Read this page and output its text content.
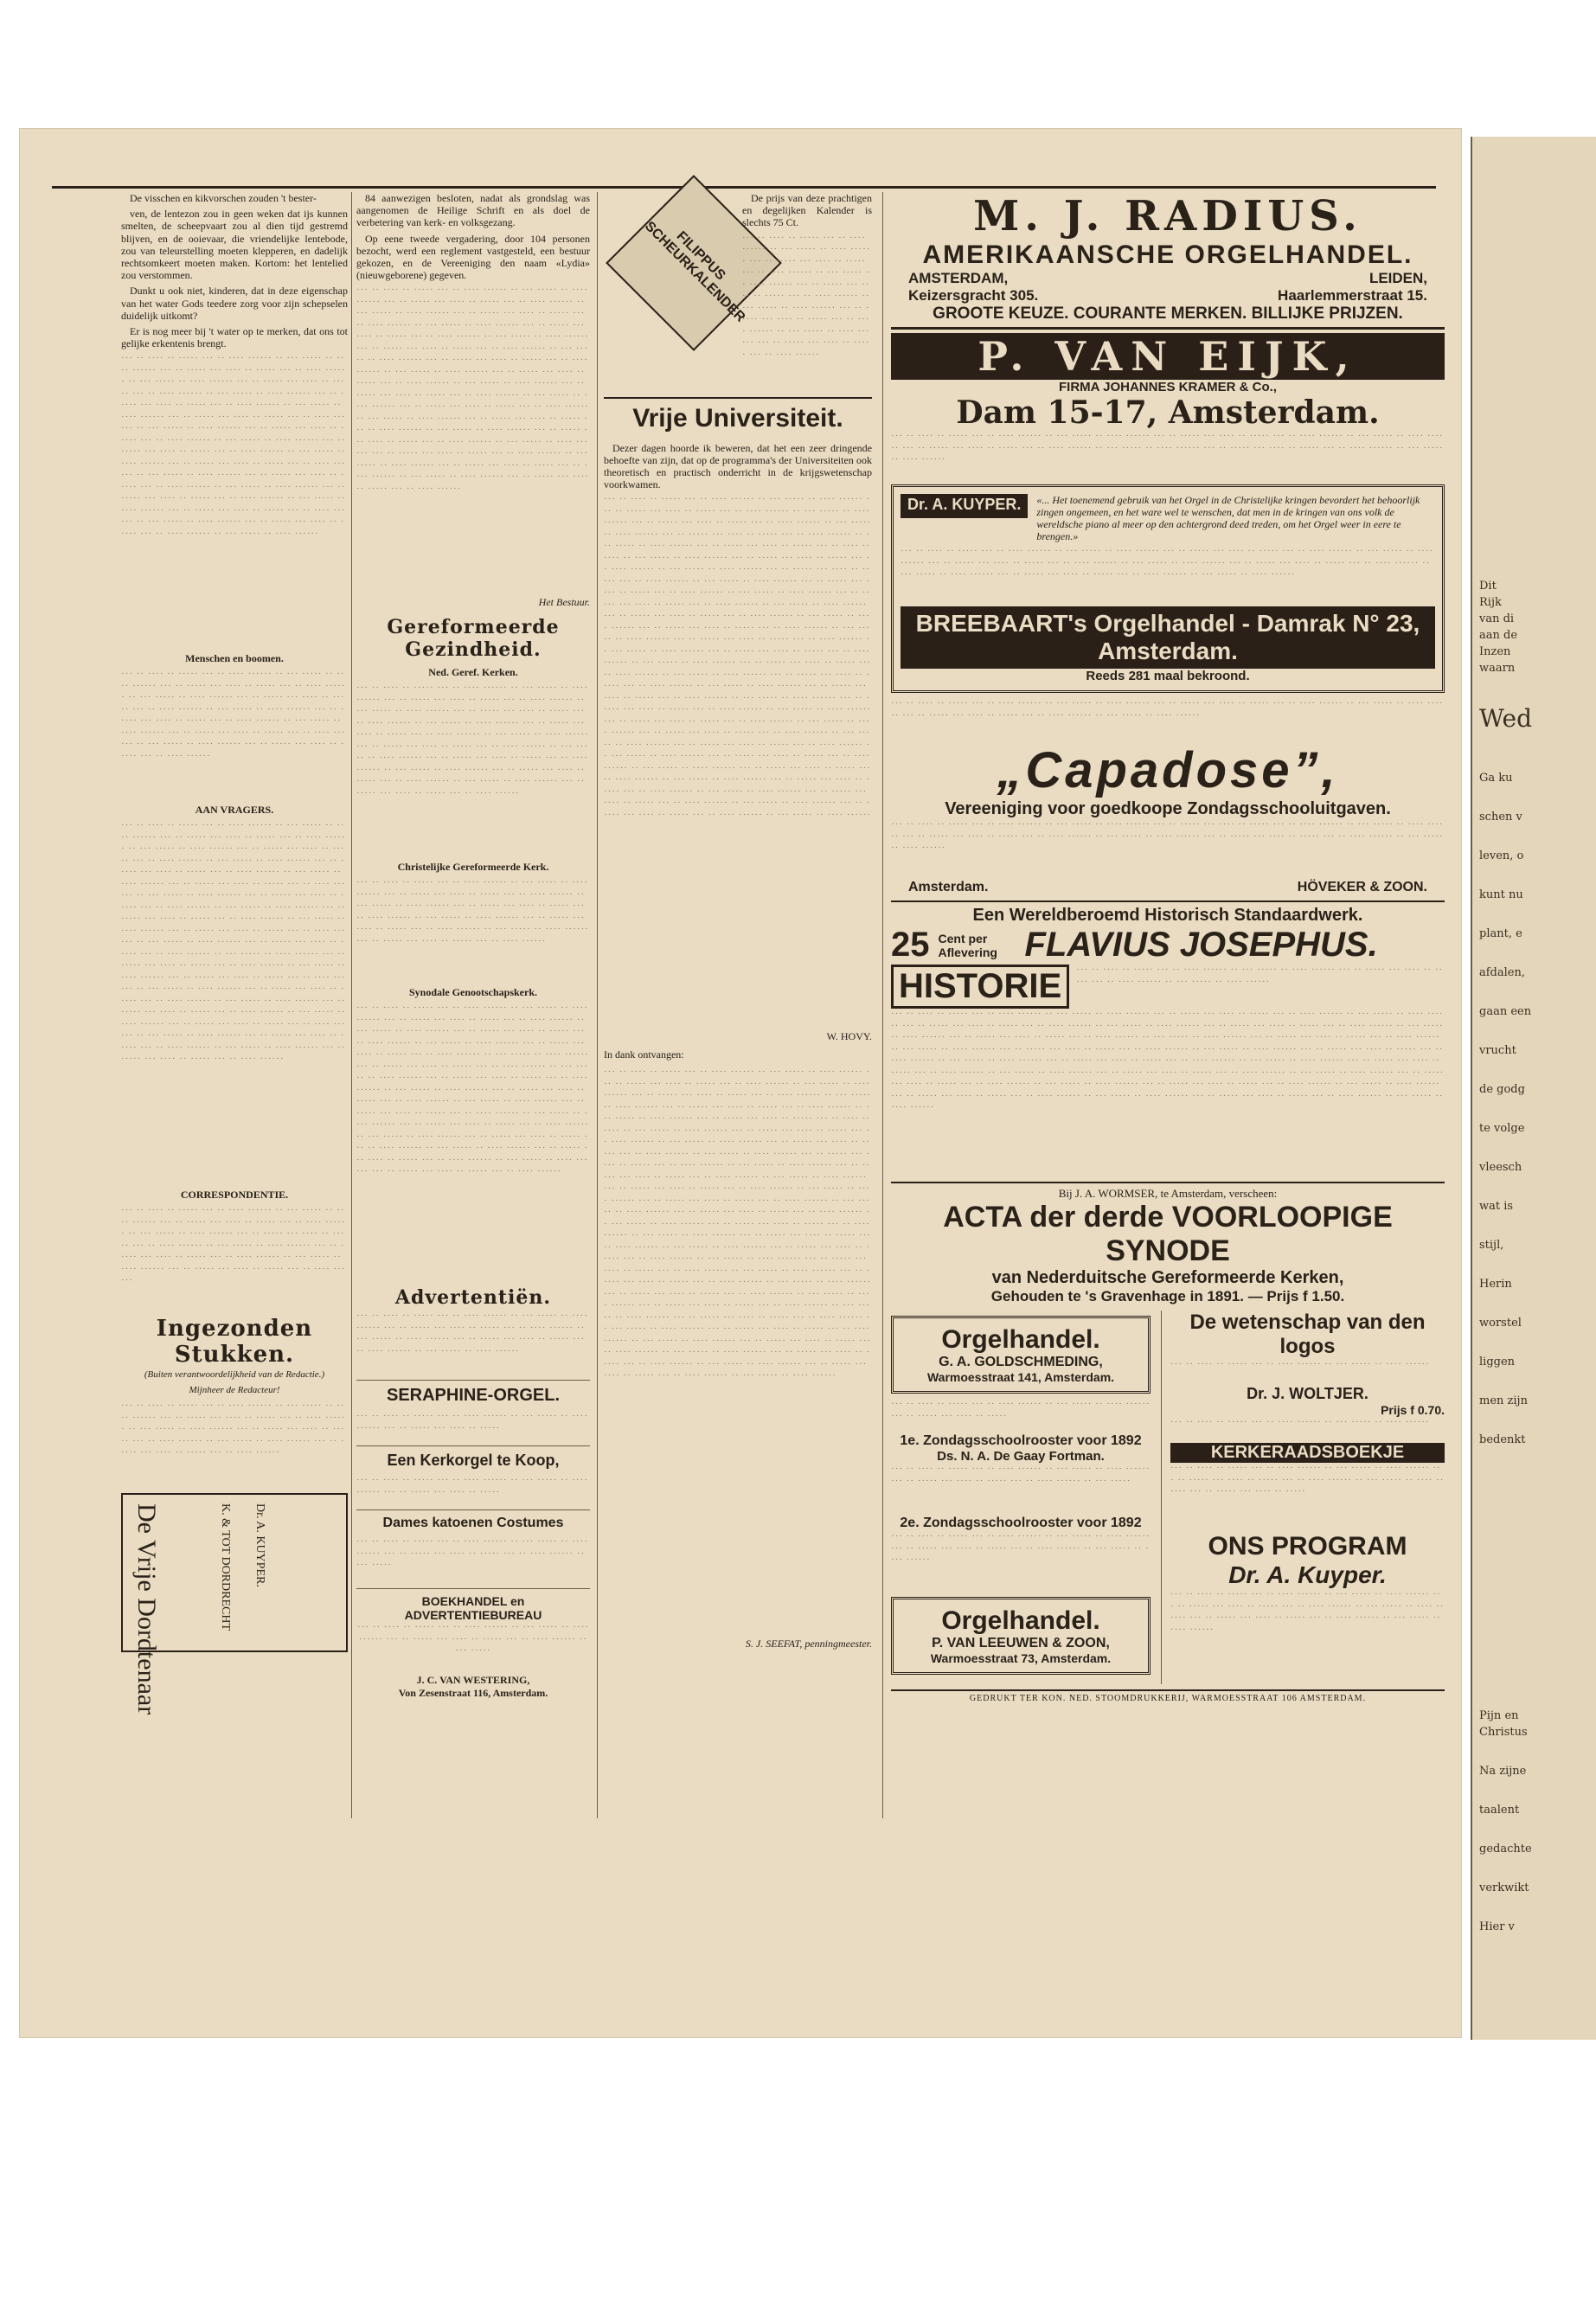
Dit
Rijk
van di
aan de
Inzen
waarn
Wed
Ga ku
schen v
leven, o
kunt nu
plant, e
afdalen,
gaan een
vrucht
de godg
te volge
vleesch
wat is
stijl,
Herin
worstel
liggen
men zijn
bedenkt
Pijn en
Christus
Na zijne
taalent
gedachte
verkwikt
Hier v

De visschen en kikvorschen zouden 't bester-

ven, de lentezon zou in geen weken dat ijs kunnen smelten, de scheepvaart zou al dien tijd gestremd blijven, en de ooievaar, die vriendelijke lentebode, zou van teleurstelling moeten klepperen, en dadelijk rechtsomkeert moeten maken. Kortom: het lentelied zou verstommen.

Dunkt u ook niet, kinderen, dat in deze eigenschap van het water Gods teedere zorg voor zijn schepselen duidelijk uitkomt?

Er is nog meer bij 't water op te merken, dat ons tot gelijke erkentenis brengt.

··· ·· ···· ·· ····· ··· ·· ···· ······ ·· ··· ····· ·· ···· ······ ··· ·· ····· ··· ···· ·· ····· ··· ·· ···· ······ ·· ··· ····· ·· ···· ······ ··· ·· ····· ··· ···· ·· ····· ··· ·· ···· ······ ·· ··· ····· ·· ···· ······ ··· ·· ····· ··· ···· ·· ····· ··· ·· ···· ······ ·· ··· ····· ·· ···· ······ ··· ·· ····· ··· ···· ·· ····· ··· ·· ···· ······ ·· ··· ····· ·· ···· ······ ··· ·· ····· ··· ···· ·· ····· ··· ·· ···· ······ ·· ··· ····· ·· ···· ······ ··· ·· ····· ··· ···· ·· ····· ··· ·· ···· ······ ·· ··· ····· ·· ···· ······ ··· ·· ····· ··· ···· ·· ····· ··· ·· ···· ······ ·· ··· ····· ·· ···· ······ ··· ·· ····· ··· ···· ·· ····· ··· ·· ···· ······ ·· ··· ····· ·· ···· ······ ··· ·· ····· ··· ···· ·· ····· ··· ·· ···· ······ ·· ··· ····· ·· ···· ······ ··· ·· ····· ··· ···· ·· ····· ··· ·· ···· ······ ·· ··· ····· ·· ···· ······ ··· ·· ····· ··· ···· ·· ····· ··· ·· ···· ······ ·· ··· ····· ·· ···· ······
Menschen en boomen.
··· ·· ···· ·· ····· ··· ·· ···· ······ ·· ··· ····· ·· ···· ······ ··· ·· ····· ··· ···· ·· ····· ··· ·· ···· ······ ·· ··· ····· ·· ···· ······ ··· ·· ····· ··· ···· ·· ····· ··· ·· ···· ······ ·· ··· ····· ·· ···· ······ ··· ·· ····· ··· ···· ·· ····· ··· ·· ···· ······ ·· ··· ····· ·· ···· ······ ··· ·· ····· ··· ···· ·· ····· ··· ·· ···· ······ ·· ··· ····· ·· ···· ······ ··· ·· ····· ··· ···· ·· ····· ··· ·· ···· ······
AAN VRAGERS.
··· ·· ···· ·· ····· ··· ·· ···· ······ ·· ··· ····· ·· ···· ······ ··· ·· ····· ··· ···· ·· ····· ··· ·· ···· ······ ·· ··· ····· ·· ···· ······ ··· ·· ····· ··· ···· ·· ····· ··· ·· ···· ······ ·· ··· ····· ·· ···· ······ ··· ·· ····· ··· ···· ·· ····· ··· ·· ···· ······ ·· ··· ····· ·· ···· ······ ··· ·· ····· ··· ···· ·· ····· ··· ·· ···· ······ ·· ··· ····· ·· ···· ······ ··· ·· ····· ··· ···· ·· ····· ··· ·· ···· ······ ·· ··· ····· ·· ···· ······ ··· ·· ····· ··· ···· ·· ····· ··· ·· ···· ······ ·· ··· ····· ·· ···· ······ ··· ·· ····· ··· ···· ·· ····· ··· ·· ···· ······ ·· ··· ····· ·· ···· ······ ··· ·· ····· ··· ···· ·· ····· ··· ·· ···· ······ ·· ··· ····· ·· ···· ······ ··· ·· ····· ··· ···· ·· ····· ··· ·· ···· ······ ·· ··· ····· ·· ···· ······ ··· ·· ····· ··· ···· ·· ····· ··· ·· ···· ······ ·· ··· ····· ·· ···· ······ ··· ·· ····· ··· ···· ·· ····· ··· ·· ···· ······ ·· ··· ····· ·· ···· ······ ··· ·· ····· ··· ···· ·· ····· ··· ·· ···· ······ ·· ··· ····· ·· ···· ······ ··· ·· ····· ··· ···· ·· ····· ··· ·· ···· ······ ·· ··· ····· ·· ···· ······ ··· ·· ····· ··· ···· ·· ····· ··· ·· ···· ······ ·· ··· ····· ·· ···· ······ ··· ·· ····· ··· ···· ·· ····· ··· ·· ···· ······
CORRESPONDENTIE.
··· ·· ···· ·· ····· ··· ·· ···· ······ ·· ··· ····· ·· ···· ······ ··· ·· ····· ··· ···· ·· ····· ··· ·· ···· ······ ·· ··· ····· ·· ···· ······ ··· ·· ····· ··· ···· ·· ····· ··· ·· ···· ······ ·· ··· ····· ·· ···· ······ ··· ·· ····· ··· ···· ·· ····· ··· ·· ···· ······ ·· ··· ····· ·· ···· ······ ··· ·· ····· ··· ···· ·· ····· ··· ·· ···· ······
Ingezonden Stukken.
(Buiten verantwoordelijkheid van de Redactie.)
Mijnheer de Redacteur!
··· ·· ···· ·· ····· ··· ·· ···· ······ ·· ··· ····· ·· ···· ······ ··· ·· ····· ··· ···· ·· ····· ··· ·· ···· ······ ·· ··· ····· ·· ···· ······ ··· ·· ····· ··· ···· ·· ····· ··· ·· ···· ······ ·· ··· ····· ·· ···· ······ ··· ·· ····· ··· ···· ·· ····· ··· ·· ···· ······
De Vrije Dordtenaar	K. & TOT DORDRECHT Dr. A. KUYPER.

84 aanwezigen besloten, nadat als grondslag was aangenomen de Heilige Schrift en als doel de verbetering van kerk- en volksgezang.

Op eene tweede vergadering, door 104 personen bezocht, werd een reglement vastgesteld, een bestuur gekozen, en de Vereeniging den naam «Lydia» (nieuwgeborene) gegeven.

··· ·· ···· ·· ····· ··· ·· ···· ······ ·· ··· ····· ·· ···· ······ ··· ·· ····· ··· ···· ·· ····· ··· ·· ···· ······ ·· ··· ····· ·· ···· ······ ··· ·· ····· ··· ···· ·· ····· ··· ·· ···· ······ ·· ··· ····· ·· ···· ······ ··· ·· ····· ··· ···· ·· ····· ··· ·· ···· ······ ·· ··· ····· ·· ···· ······ ··· ·· ····· ··· ···· ·· ····· ··· ·· ···· ······ ·· ··· ····· ·· ···· ······ ··· ·· ····· ··· ···· ·· ····· ··· ·· ···· ······ ·· ··· ····· ·· ···· ······ ··· ·· ····· ··· ···· ·· ····· ··· ·· ···· ······ ·· ··· ····· ·· ···· ······ ··· ·· ····· ··· ···· ·· ····· ··· ·· ···· ······ ·· ··· ····· ·· ···· ······ ··· ·· ····· ··· ···· ·· ····· ··· ·· ···· ······ ·· ··· ····· ·· ···· ······ ··· ·· ····· ··· ···· ·· ····· ··· ·· ···· ······ ·· ··· ····· ·· ···· ······ ··· ·· ····· ··· ···· ·· ····· ··· ·· ···· ······ ·· ··· ····· ·· ···· ······ ··· ·· ····· ··· ···· ·· ····· ··· ·· ···· ······ ·· ··· ····· ·· ···· ······ ··· ·· ····· ··· ···· ·· ····· ··· ·· ···· ······ ·· ··· ····· ·· ···· ······ ··· ·· ····· ··· ···· ·· ····· ··· ·· ···· ······
Het Bestuur.
Gereformeerde Gezindheid.
Ned. Geref. Kerken.
··· ·· ···· ·· ····· ··· ·· ···· ······ ·· ··· ····· ·· ···· ······ ··· ·· ····· ··· ···· ·· ····· ··· ·· ···· ······ ·· ··· ····· ·· ···· ······ ··· ·· ····· ··· ···· ·· ····· ··· ·· ···· ······ ·· ··· ····· ·· ···· ······ ··· ·· ····· ··· ···· ·· ····· ··· ·· ···· ······ ·· ··· ····· ·· ···· ······ ··· ·· ····· ··· ···· ·· ····· ··· ·· ···· ······ ·· ··· ····· ·· ···· ······ ··· ·· ····· ··· ···· ·· ····· ··· ·· ···· ······ ·· ··· ····· ·· ···· ······ ··· ·· ····· ··· ···· ·· ····· ··· ·· ···· ······ ·· ··· ····· ·· ···· ······ ··· ·· ····· ··· ···· ·· ····· ··· ·· ···· ······
Christelijke Gereformeerde Kerk.
··· ·· ···· ·· ····· ··· ·· ···· ······ ·· ··· ····· ·· ···· ······ ··· ·· ····· ··· ···· ·· ····· ··· ·· ···· ······ ·· ··· ····· ·· ···· ······ ··· ·· ····· ··· ···· ·· ····· ··· ·· ···· ······ ·· ··· ····· ·· ···· ······ ··· ·· ····· ··· ···· ·· ····· ··· ·· ···· ······ ·· ··· ····· ·· ···· ······ ··· ·· ····· ··· ···· ·· ····· ··· ·· ···· ······
Synodale Genootschapskerk.
··· ·· ···· ·· ····· ··· ·· ···· ······ ·· ··· ····· ·· ···· ······ ··· ·· ····· ··· ···· ·· ····· ··· ·· ···· ······ ·· ··· ····· ·· ···· ······ ··· ·· ····· ··· ···· ·· ····· ··· ·· ···· ······ ·· ··· ····· ·· ···· ······ ··· ·· ····· ··· ···· ·· ····· ··· ·· ···· ······ ·· ··· ····· ·· ···· ······ ··· ·· ····· ··· ···· ·· ····· ··· ·· ···· ······ ·· ··· ····· ·· ···· ······ ··· ·· ····· ··· ···· ·· ····· ··· ·· ···· ······ ·· ··· ····· ·· ···· ······ ··· ·· ····· ··· ···· ·· ····· ··· ·· ···· ······ ·· ··· ····· ·· ···· ······ ··· ·· ····· ··· ···· ·· ····· ··· ·· ···· ······ ·· ··· ····· ·· ···· ······ ··· ·· ····· ··· ···· ·· ····· ··· ·· ···· ······ ·· ··· ····· ·· ···· ······ ··· ·· ····· ··· ···· ·· ····· ··· ·· ···· ······ ·· ··· ····· ·· ···· ······ ··· ·· ····· ··· ···· ·· ····· ··· ·· ···· ······ ·· ··· ····· ·· ···· ······ ··· ·· ····· ··· ···· ·· ····· ··· ·· ···· ······
Advertentiën.
··· ·· ···· ·· ····· ··· ·· ···· ······ ·· ··· ····· ·· ···· ······ ··· ·· ····· ··· ···· ·· ····· ··· ·· ···· ······ ·· ··· ····· ·· ···· ······ ··· ·· ····· ··· ···· ·· ····· ··· ·· ···· ······ ·· ··· ····· ·· ···· ······
SERAPHINE-ORGEL.
··· ·· ···· ·· ····· ··· ·· ···· ······ ·· ··· ····· ·· ···· ······ ··· ·· ····· ··· ···· ·· ·····
Een Kerkorgel te Koop,
··· ·· ···· ·· ····· ··· ·· ···· ······ ·· ··· ····· ·· ···· ······ ··· ·· ····· ··· ···· ·· ·····
Dames katoenen Costumes
··· ·· ···· ·· ····· ··· ·· ···· ······ ·· ··· ····· ·· ···· ······ ··· ·· ····· ··· ···· ·· ····· ··· ·· ···· ······ ·· ··· ·····
BOEKHANDEL en ADVERTENTIEBUREAU
··· ·· ···· ·· ····· ··· ·· ···· ······ ·· ··· ····· ·· ···· ······ ··· ·· ····· ··· ···· ·· ····· ··· ·· ···· ······ ·· ··· ·····
J. C. VAN WESTERING,
Von Zesenstraat 116, Amsterdam.
FILIPPUS SCHEURKALENDER

De prijs van deze prachtigen en degelijken Kalender is slechts 75 Ct.

··· ·· ···· ·· ····· ··· ·· ···· ······ ·· ··· ····· ·· ···· ······ ··· ·· ····· ··· ···· ·· ····· ··· ·· ···· ······ ·· ··· ····· ·· ···· ······ ··· ·· ····· ··· ···· ·· ····· ··· ·· ···· ······ ·· ··· ····· ·· ···· ······ ··· ·· ····· ··· ···· ·· ····· ··· ·· ···· ······ ·· ··· ····· ·· ···· ······ ··· ·· ····· ··· ···· ·· ····· ··· ·· ···· ······
Vrije Universiteit.

Dezer dagen hoorde ik beweren, dat het een zeer dringende behoefte van zijn, dat op de programma's der Universiteiten ook theoretisch en practisch onderricht in de krijgswetenschap voorkwamen.

··· ·· ···· ·· ····· ··· ·· ···· ······ ·· ··· ····· ·· ···· ······ ··· ·· ····· ··· ···· ·· ····· ··· ·· ···· ······ ·· ··· ····· ·· ···· ······ ··· ·· ····· ··· ···· ·· ····· ··· ·· ···· ······ ·· ··· ····· ·· ···· ······ ··· ·· ····· ··· ···· ·· ····· ··· ·· ···· ······ ·· ··· ····· ·· ···· ······ ··· ·· ····· ··· ···· ·· ····· ··· ·· ···· ······ ·· ··· ····· ·· ···· ······ ··· ·· ····· ··· ···· ·· ····· ··· ·· ···· ······ ·· ··· ····· ·· ···· ······ ··· ·· ····· ··· ···· ·· ····· ··· ·· ···· ······ ·· ··· ····· ·· ···· ······ ··· ·· ····· ··· ···· ·· ····· ··· ·· ···· ······ ·· ··· ····· ·· ···· ······ ··· ·· ····· ··· ···· ·· ····· ··· ·· ···· ······ ·· ··· ····· ·· ···· ······ ··· ·· ····· ··· ···· ·· ····· ··· ·· ···· ······ ·· ··· ····· ·· ···· ······ ··· ·· ····· ··· ···· ·· ····· ··· ·· ···· ······ ·· ··· ····· ·· ···· ······ ··· ·· ····· ··· ···· ·· ····· ··· ·· ···· ······ ·· ··· ····· ·· ···· ······ ··· ·· ····· ··· ···· ·· ····· ··· ·· ···· ······ ·· ··· ····· ·· ···· ······ ··· ·· ····· ··· ···· ·· ····· ··· ·· ···· ······ ·· ··· ····· ·· ···· ······ ··· ·· ····· ··· ···· ·· ····· ··· ·· ···· ······ ·· ··· ····· ·· ···· ······ ··· ·· ····· ··· ···· ·· ····· ··· ·· ···· ······ ·· ··· ····· ·· ···· ······ ··· ·· ····· ··· ···· ·· ····· ··· ·· ···· ······ ·· ··· ····· ·· ···· ······ ··· ·· ····· ··· ···· ·· ····· ··· ·· ···· ······ ·· ··· ····· ·· ···· ······ ··· ·· ····· ··· ···· ·· ····· ··· ·· ···· ······ ·· ··· ····· ·· ···· ······ ··· ·· ····· ··· ···· ·· ····· ··· ·· ···· ······ ·· ··· ····· ·· ···· ······ ··· ·· ····· ··· ···· ·· ····· ··· ·· ···· ······ ·· ··· ····· ·· ···· ······ ··· ·· ····· ··· ···· ·· ····· ··· ·· ···· ······ ·· ··· ····· ·· ···· ······ ··· ·· ····· ··· ···· ·· ····· ··· ·· ···· ······ ·· ··· ····· ·· ···· ······ ··· ·· ····· ··· ···· ·· ····· ··· ·· ···· ······ ·· ··· ····· ·· ···· ······ ··· ·· ····· ··· ···· ·· ····· ··· ·· ···· ······ ·· ··· ····· ·· ···· ······
W. HOVY.
In dank ontvangen:
··· ·· ···· ·· ····· ··· ·· ···· ······ ·· ··· ····· ·· ···· ······ ··· ·· ····· ··· ···· ·· ····· ··· ·· ···· ······ ·· ··· ····· ·· ···· ······ ··· ·· ····· ··· ···· ·· ····· ··· ·· ···· ······ ·· ··· ····· ·· ···· ······ ··· ·· ····· ··· ···· ·· ····· ··· ·· ···· ······ ·· ··· ····· ·· ···· ······ ··· ·· ····· ··· ···· ·· ····· ··· ·· ···· ······ ·· ··· ····· ·· ···· ······ ··· ·· ····· ··· ···· ·· ····· ··· ·· ···· ······ ·· ··· ····· ·· ···· ······ ··· ·· ····· ··· ···· ·· ····· ··· ·· ···· ······ ·· ··· ····· ·· ···· ······ ··· ·· ····· ··· ···· ·· ····· ··· ·· ···· ······ ·· ··· ····· ·· ···· ······ ··· ·· ····· ··· ···· ·· ····· ··· ·· ···· ······ ·· ··· ····· ·· ···· ······ ··· ·· ····· ··· ···· ·· ····· ··· ·· ···· ······ ·· ··· ····· ·· ···· ······ ··· ·· ····· ··· ···· ·· ····· ··· ·· ···· ······ ·· ··· ····· ·· ···· ······ ··· ·· ····· ··· ···· ·· ····· ··· ·· ···· ······ ·· ··· ····· ·· ···· ······ ··· ·· ····· ··· ···· ·· ····· ··· ·· ···· ······ ·· ··· ····· ·· ···· ······ ··· ·· ····· ··· ···· ·· ····· ··· ·· ···· ······ ·· ··· ····· ·· ···· ······ ··· ·· ····· ··· ···· ·· ····· ··· ·· ···· ······ ·· ··· ····· ·· ···· ······ ··· ·· ····· ··· ···· ·· ····· ··· ·· ···· ······ ·· ··· ····· ·· ···· ······ ··· ·· ····· ··· ···· ·· ····· ··· ·· ···· ······ ·· ··· ····· ·· ···· ······ ··· ·· ····· ··· ···· ·· ····· ··· ·· ···· ······ ·· ··· ····· ·· ···· ······ ··· ·· ····· ··· ···· ·· ····· ··· ·· ···· ······ ·· ··· ····· ·· ···· ······ ··· ·· ····· ··· ···· ·· ····· ··· ·· ···· ······ ·· ··· ····· ·· ···· ······ ··· ·· ····· ··· ···· ·· ····· ··· ·· ···· ······ ·· ··· ····· ·· ···· ······ ··· ·· ····· ··· ···· ·· ····· ··· ·· ···· ······ ·· ··· ····· ·· ···· ······ ··· ·· ····· ··· ···· ·· ····· ··· ·· ···· ······ ·· ··· ····· ·· ···· ······ ··· ·· ····· ··· ···· ·· ····· ··· ·· ···· ······ ·· ··· ····· ·· ···· ······
S. J. SEEFAT, penningmeester.
M. J. RADIUS.
AMERIKAANSCHE ORGELHANDEL.
AMSTERDAM,	LEIDEN,
Keizersgracht 305.	Haarlemmerstraat 15.
GROOTE KEUZE. COURANTE MERKEN. BILLIJKE PRIJZEN.
P. VAN EIJK,
FIRMA JOHANNES KRAMER & Co.,
Dam 15-17, Amsterdam.
··· ·· ···· ·· ····· ··· ·· ···· ······ ·· ··· ····· ·· ···· ······ ··· ·· ····· ··· ···· ·· ····· ··· ·· ···· ······ ·· ··· ····· ·· ···· ······ ··· ·· ····· ··· ···· ·· ····· ··· ·· ···· ······ ·· ··· ····· ·· ···· ······ ··· ·· ····· ··· ···· ·· ····· ··· ·· ···· ······ ·· ··· ····· ·· ···· ······
Dr. A. KUYPER.	«... Het toenemend gebruik van het Orgel in de Christelijke kringen bevordert het behoorlijk zingen ongemeen, en het ware wel te wenschen, dat men in de kringen van ons volk de wereldsche piano al meer op den achtergrond deed treden, om het Orgel weer in eere te brengen.»
··· ·· ···· ·· ····· ··· ·· ···· ······ ·· ··· ····· ·· ···· ······ ··· ·· ····· ··· ···· ·· ····· ··· ·· ···· ······ ·· ··· ····· ·· ···· ······ ··· ·· ····· ··· ···· ·· ····· ··· ·· ···· ······ ·· ··· ····· ·· ···· ······ ··· ·· ····· ··· ···· ·· ····· ··· ·· ···· ······ ·· ··· ····· ·· ···· ······ ··· ·· ····· ··· ···· ·· ····· ··· ·· ···· ······ ·· ··· ····· ·· ···· ······
BREEBAART's Orgelhandel - Damrak N° 23, Amsterdam.
Reeds 281 maal bekroond.
··· ·· ···· ·· ····· ··· ·· ···· ······ ·· ··· ····· ·· ···· ······ ··· ·· ····· ··· ···· ·· ····· ··· ·· ···· ······ ·· ··· ····· ·· ···· ······ ··· ·· ····· ··· ···· ·· ····· ··· ·· ···· ······ ·· ··· ····· ·· ···· ······
„Capadose”,
Vereeniging voor goedkoope Zondagsschooluitgaven.
··· ·· ···· ·· ····· ··· ·· ···· ······ ·· ··· ····· ·· ···· ······ ··· ·· ····· ··· ···· ·· ····· ··· ·· ···· ······ ·· ··· ····· ·· ···· ······ ··· ·· ····· ··· ···· ·· ····· ··· ·· ···· ······ ·· ··· ····· ·· ···· ······ ··· ·· ····· ··· ···· ·· ····· ··· ·· ···· ······ ·· ··· ····· ·· ···· ······
Amsterdam.	HÖVEKER & ZOON.
Een Wereldberoemd Historisch Standaardwerk.
25 Cent per Aflevering FLAVIUS JOSEPHUS.
HISTORIE	··· ·· ···· ·· ····· ··· ·· ···· ······ ·· ··· ····· ·· ···· ······ ··· ·· ····· ··· ···· ·· ····· ··· ·· ···· ······ ·· ··· ····· ·· ···· ······
··· ·· ···· ·· ····· ··· ·· ···· ······ ·· ··· ····· ·· ···· ······ ··· ·· ····· ··· ···· ·· ····· ··· ·· ···· ······ ·· ··· ····· ·· ···· ······ ··· ·· ····· ··· ···· ·· ····· ··· ·· ···· ······ ·· ··· ····· ·· ···· ······ ··· ·· ····· ··· ···· ·· ····· ··· ·· ···· ······ ·· ··· ····· ·· ···· ······ ··· ·· ····· ··· ···· ·· ····· ··· ·· ···· ······ ·· ··· ····· ·· ···· ······ ··· ·· ····· ··· ···· ·· ····· ··· ·· ···· ······ ·· ··· ····· ·· ···· ······ ··· ·· ····· ··· ···· ·· ····· ··· ·· ···· ······ ·· ··· ····· ·· ···· ······ ··· ·· ····· ··· ···· ·· ····· ··· ·· ···· ······ ·· ··· ····· ·· ···· ······ ··· ·· ····· ··· ···· ·· ····· ··· ·· ···· ······ ·· ··· ····· ·· ···· ······ ··· ·· ····· ··· ···· ·· ····· ··· ·· ···· ······ ·· ··· ····· ·· ···· ······ ··· ·· ····· ··· ···· ·· ····· ··· ·· ···· ······ ·· ··· ····· ·· ···· ······ ··· ·· ····· ··· ···· ·· ····· ··· ·· ···· ······ ·· ··· ····· ·· ···· ······ ··· ·· ····· ··· ···· ·· ····· ··· ·· ···· ······ ·· ··· ····· ·· ···· ······ ··· ·· ····· ··· ···· ·· ····· ··· ·· ···· ······ ·· ··· ····· ·· ···· ······ ··· ·· ····· ··· ···· ·· ····· ··· ·· ···· ······ ·· ··· ····· ·· ···· ······
Bij J. A. WORMSER, te Amsterdam, verscheen:
ACTA der derde VOORLOOPIGE SYNODE
van Nederduitsche Gereformeerde Kerken,
Gehouden te 's Gravenhage in 1891. — Prijs f 1.50.
Orgelhandel.
G. A. GOLDSCHMEDING,
Warmoesstraat 141, Amsterdam.
··· ·· ···· ·· ····· ··· ·· ···· ······ ·· ··· ····· ·· ···· ······ ··· ·· ····· ··· ···· ·· ·····
1e. Zondagsschoolrooster voor 1892
Ds. N. A. De Gaay Fortman.
··· ·· ···· ·· ····· ··· ·· ···· ······ ·· ··· ····· ·· ···· ······ ··· ·· ····· ··· ···· ·· ····· ··· ·· ···· ······ ·· ··· ·····
2e. Zondagsschoolrooster voor 1892
··· ·· ···· ·· ····· ··· ·· ···· ······ ·· ··· ····· ·· ···· ······ ··· ·· ····· ··· ···· ·· ····· ··· ·· ···· ······ ·· ··· ····· ·· ···· ······
Orgelhandel.
P. VAN LEEUWEN & ZOON,
Warmoesstraat 73, Amsterdam.
De wetenschap van den logos
··· ·· ···· ·· ····· ··· ·· ···· ······ ·· ··· ····· ·· ···· ······
Dr. J. WOLTJER.
Prijs f 0.70.
··· ·· ···· ·· ····· ··· ·· ···· ······ ·· ··· ····· ·· ···· ······
KERKERAADSBOEKJE
··· ·· ···· ·· ····· ··· ·· ···· ······ ·· ··· ····· ·· ···· ······ ··· ·· ····· ··· ···· ·· ····· ··· ·· ···· ······ ·· ··· ····· ·· ···· ······ ··· ·· ····· ··· ···· ·· ·····
ONS PROGRAM
Dr. A. Kuyper.
··· ·· ···· ·· ····· ··· ·· ···· ······ ·· ··· ····· ·· ···· ······ ··· ·· ····· ··· ···· ·· ····· ··· ·· ···· ······ ·· ··· ····· ·· ···· ······ ··· ·· ····· ··· ···· ·· ····· ··· ·· ···· ······ ·· ··· ····· ·· ···· ······
GEDRUKT TER KON. NED. STOOMDRUKKERIJ, WARMOESSTRAAT 106 AMSTERDAM.
